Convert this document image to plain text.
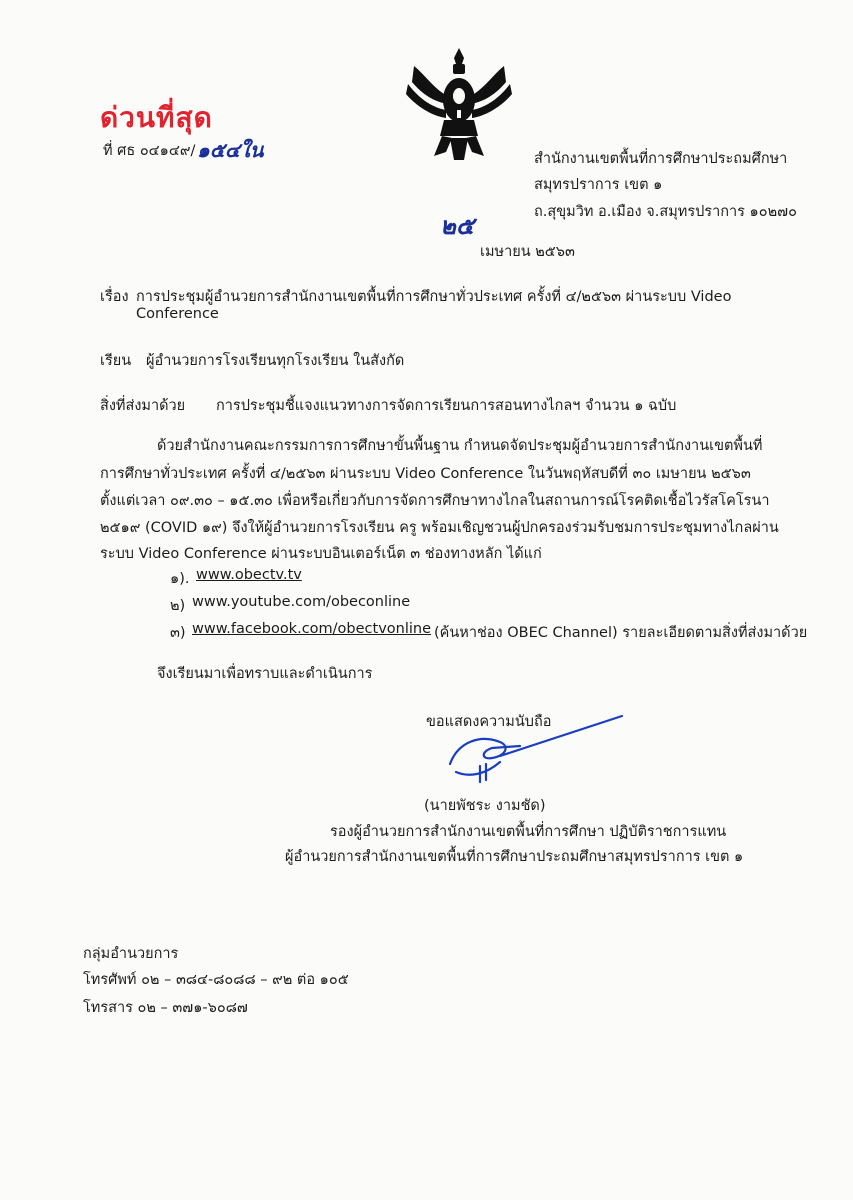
ด่วนที่สุด
ที่ ศธ ๐๔๑๔๙/ ๑๕๔ใน	สำนักงานเขตพื้นที่การศึกษาประถมศึกษา
สมุทรปราการ เขต ๑
ถ.สุขุมวิท อ.เมือง จ.สมุทรปราการ ๑๐๒๗๐
๒๕
เมษายน ๒๕๖๓
เรื่อง การประชุมผู้อำนวยการสำนักงานเขตพื้นที่การศึกษาทั่วประเทศ ครั้งที่ ๔/๒๕๖๓ ผ่านระบบ Video
Conference
เรียน ผู้อำนวยการโรงเรียนทุกโรงเรียน ในสังกัด
สิ่งที่ส่งมาด้วย การประชุมชี้แจงแนวทางการจัดการเรียนการสอนทางไกลฯ จำนวน ๑ ฉบับ
ด้วยสำนักงานคณะกรรมการการศึกษาขั้นพื้นฐาน กำหนดจัดประชุมผู้อำนวยการสำนักงานเขตพื้นที่
การศึกษาทั่วประเทศ ครั้งที่ ๔/๒๕๖๓ ผ่านระบบ Video Conference ในวันพฤหัสบดีที่ ๓๐ เมษายน ๒๕๖๓
ตั้งแต่เวลา ๐๙.๓๐ – ๑๕.๓๐ เพื่อหรือเกี่ยวกับการจัดการศึกษาทางไกลในสถานการณ์โรคติดเชื้อไวรัสโคโรนา
๒๕๑๙ (COVID ๑๙) จึงให้ผู้อำนวยการโรงเรียน ครู พร้อมเชิญชวนผู้ปกครองร่วมรับชมการประชุมทางไกลผ่าน
ระบบ Video Conference ผ่านระบบอินเตอร์เน็ต ๓ ช่องทางหลัก ได้แก่
๑). www.obectv.tv
๒) www.youtube.com/obeconline
๓) www.facebook.com/obectvonline (ค้นหาช่อง OBEC Channel) รายละเอียดตามสิ่งที่ส่งมาด้วย
จึงเรียนมาเพื่อทราบและดำเนินการ
ขอแสดงความนับถือ
(นายพัชระ งามชัด)
รองผู้อำนวยการสำนักงานเขตพื้นที่การศึกษา ปฏิบัติราชการแทน
ผู้อำนวยการสำนักงานเขตพื้นที่การศึกษาประถมศึกษาสมุทรปราการ เขต ๑
กลุ่มอำนวยการ
โทรศัพท์ ๐๒ – ๓๘๔-๘๐๘๘ – ๙๒ ต่อ ๑๐๕
โทรสาร ๐๒ – ๓๗๑-๖๐๘๗
